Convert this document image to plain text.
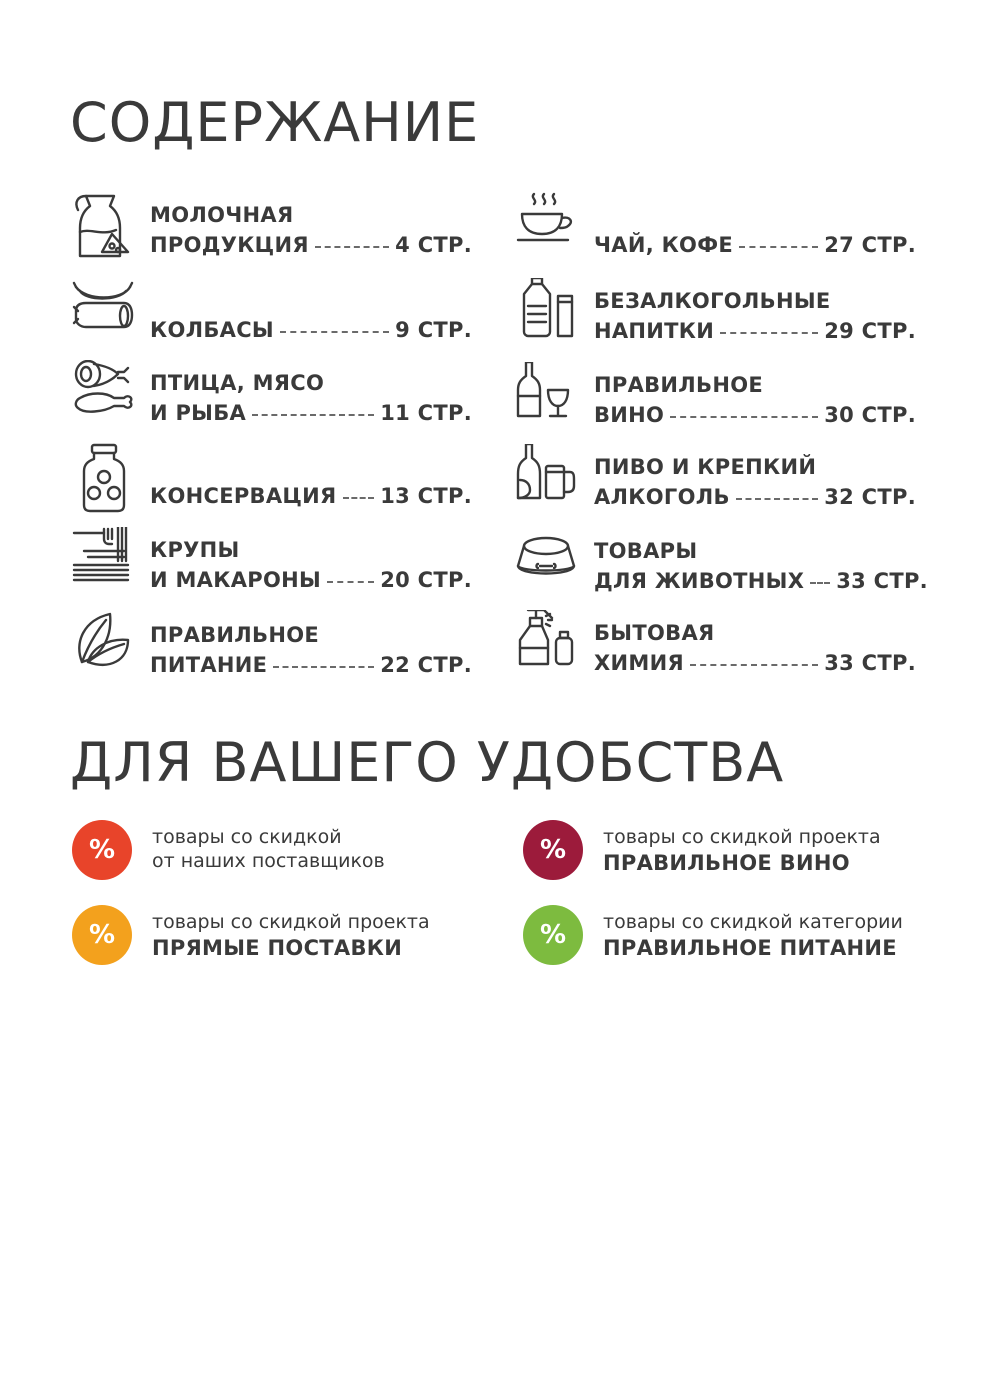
СОДЕРЖАНИЕ
МОЛОЧНАЯ
ПРОДУКЦИЯ	4 СТР.
КОЛБАСЫ	9 СТР.
ПТИЦА, МЯСО
И РЫБА	11 СТР.
КОНСЕРВАЦИЯ 13 СТР.
КРУПЫ
И МАКАРОНЫ	20 СТР.
ПРАВИЛЬНОЕ
ПИТАНИЕ	22 СТР.
ЧАЙ, КОФЕ	27 СТР.
БЕЗАЛКОГОЛЬНЫЕ
НАПИТКИ	29 СТР.
ПРАВИЛЬНОЕ
ВИНО	30 СТР.
ПИВО И КРЕПКИЙ
АЛКОГОЛЬ	32 СТР.
ТОВАРЫ
ДЛЯ ЖИВОТНЫХ 33 СТР.
БЫТОВАЯ
ХИМИЯ	33 СТР.
ДЛЯ ВАШЕГО УДОБСТВА
%	товары со скидкой
от наших поставщиков	%	товары со скидкой проекта
ПРАВИЛЬНОЕ ВИНО
%	товары со скидкой проекта
ПРЯМЫЕ ПОСТАВКИ	%	товары со скидкой категории
ПРАВИЛЬНОЕ ПИТАНИЕ
